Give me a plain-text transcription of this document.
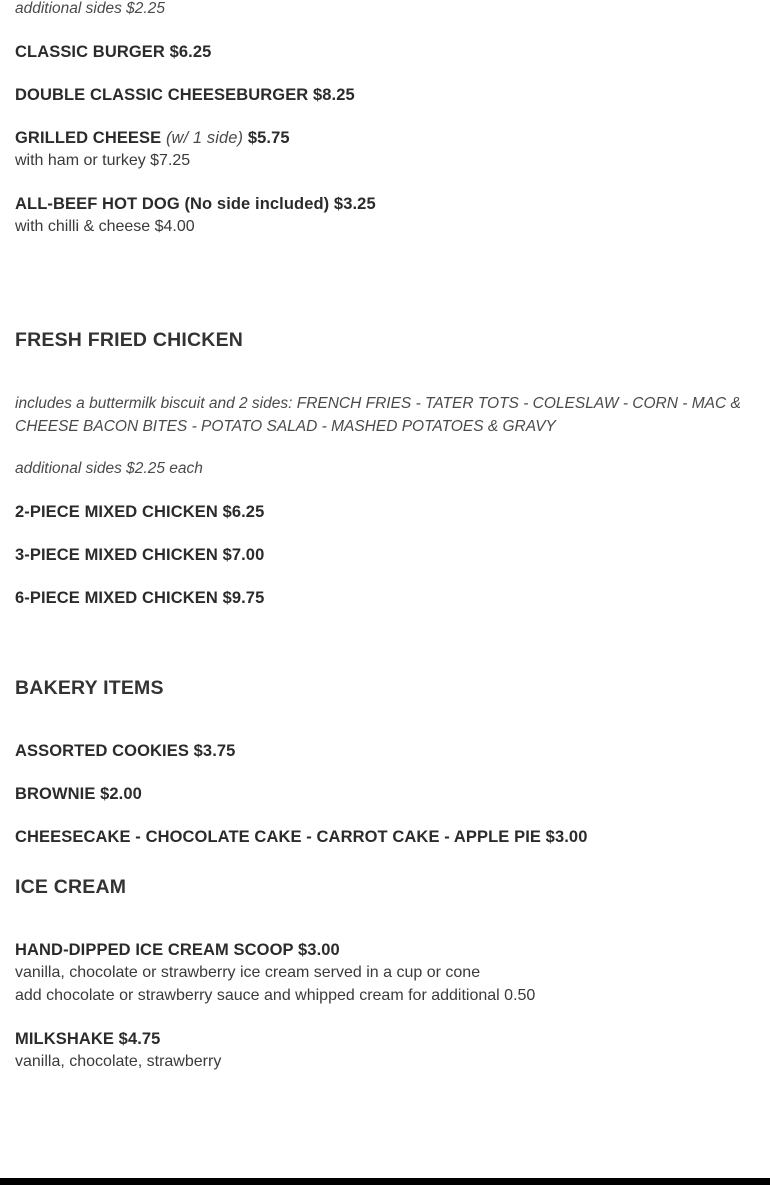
additional sides $2.25
CLASSIC BURGER $6.25
DOUBLE CLASSIC CHEESEBURGER $8.25
GRILLED CHEESE (w/ 1 side) $5.75
with ham or turkey $7.25
ALL-BEEF HOT DOG (No side included) $3.25
with chilli & cheese $4.00
FRESH FRIED CHICKEN
includes a buttermilk biscuit and 2 sides: FRENCH FRIES - TATER TOTS - COLESLAW - CORN - MAC & CHEESE BACON BITES - POTATO SALAD - MASHED POTATOES & GRAVY
additional sides $2.25 each
2-PIECE MIXED CHICKEN $6.25
3-PIECE MIXED CHICKEN $7.00
6-PIECE MIXED CHICKEN $9.75
BAKERY ITEMS
ASSORTED COOKIES $3.75
BROWNIE $2.00
CHEESECAKE - CHOCOLATE CAKE - CARROT CAKE - APPLE PIE $3.00
ICE CREAM
HAND-DIPPED ICE CREAM SCOOP $3.00
vanilla, chocolate or strawberry ice cream served in a cup or cone
add chocolate or strawberry sauce and whipped cream for additional 0.50
MILKSHAKE $4.75
vanilla, chocolate, strawberry
